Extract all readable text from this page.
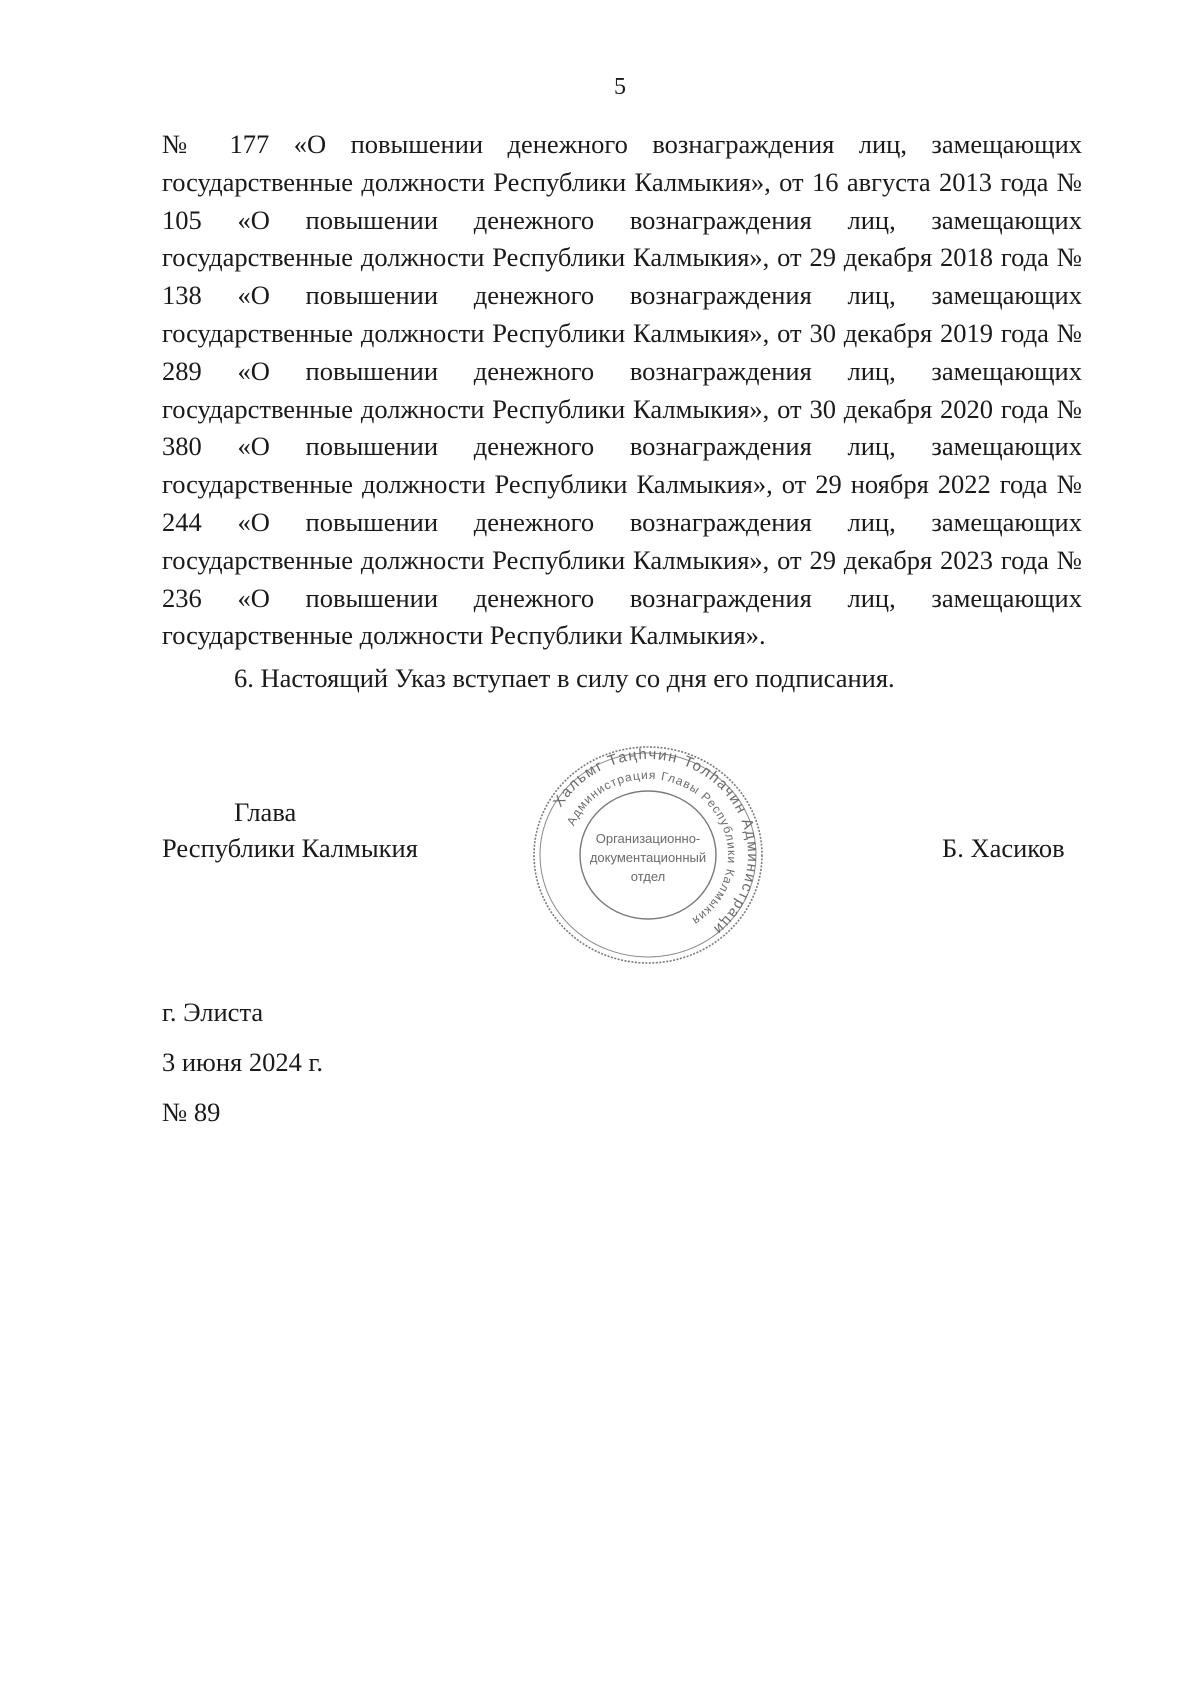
5

№ 177 «О повышении денежного вознаграждения лиц, замещающих государственные должности Республики Калмыкия», от 16 августа 2013 года № 105 «О повышении денежного вознаграждения лиц, замещающих государственные должности Республики Калмыкия», от 29 декабря 2018 года № 138 «О повышении денежного вознаграждения лиц, замещающих государственные должности Республики Калмыкия», от 30 декабря 2019 года № 289 «О повышении денежного вознаграждения лиц, замещающих государственные должности Республики Калмыкия», от 30 декабря 2020 года № 380 «О повышении денежного вознаграждения лиц, замещающих государственные должности Республики Калмыкия», от 29 ноября 2022 года № 244 «О повышении денежного вознаграждения лиц, замещающих государственные должности Республики Калмыкия», от 29 декабря 2023 года № 236 «О повышении денежного вознаграждения лиц, замещающих государственные должности Республики Калмыкия».

6. Настоящий Указ вступает в силу со дня его подписания.
Глава
Республики Калмыкия
Хальмг Таңһчин Толһачин Администраци
Администрация Главы Республики Калмыкия
Организационно-
документационный
отдел
Б. Хасиков
г. Элиста
3 июня 2024 г.
№ 89
